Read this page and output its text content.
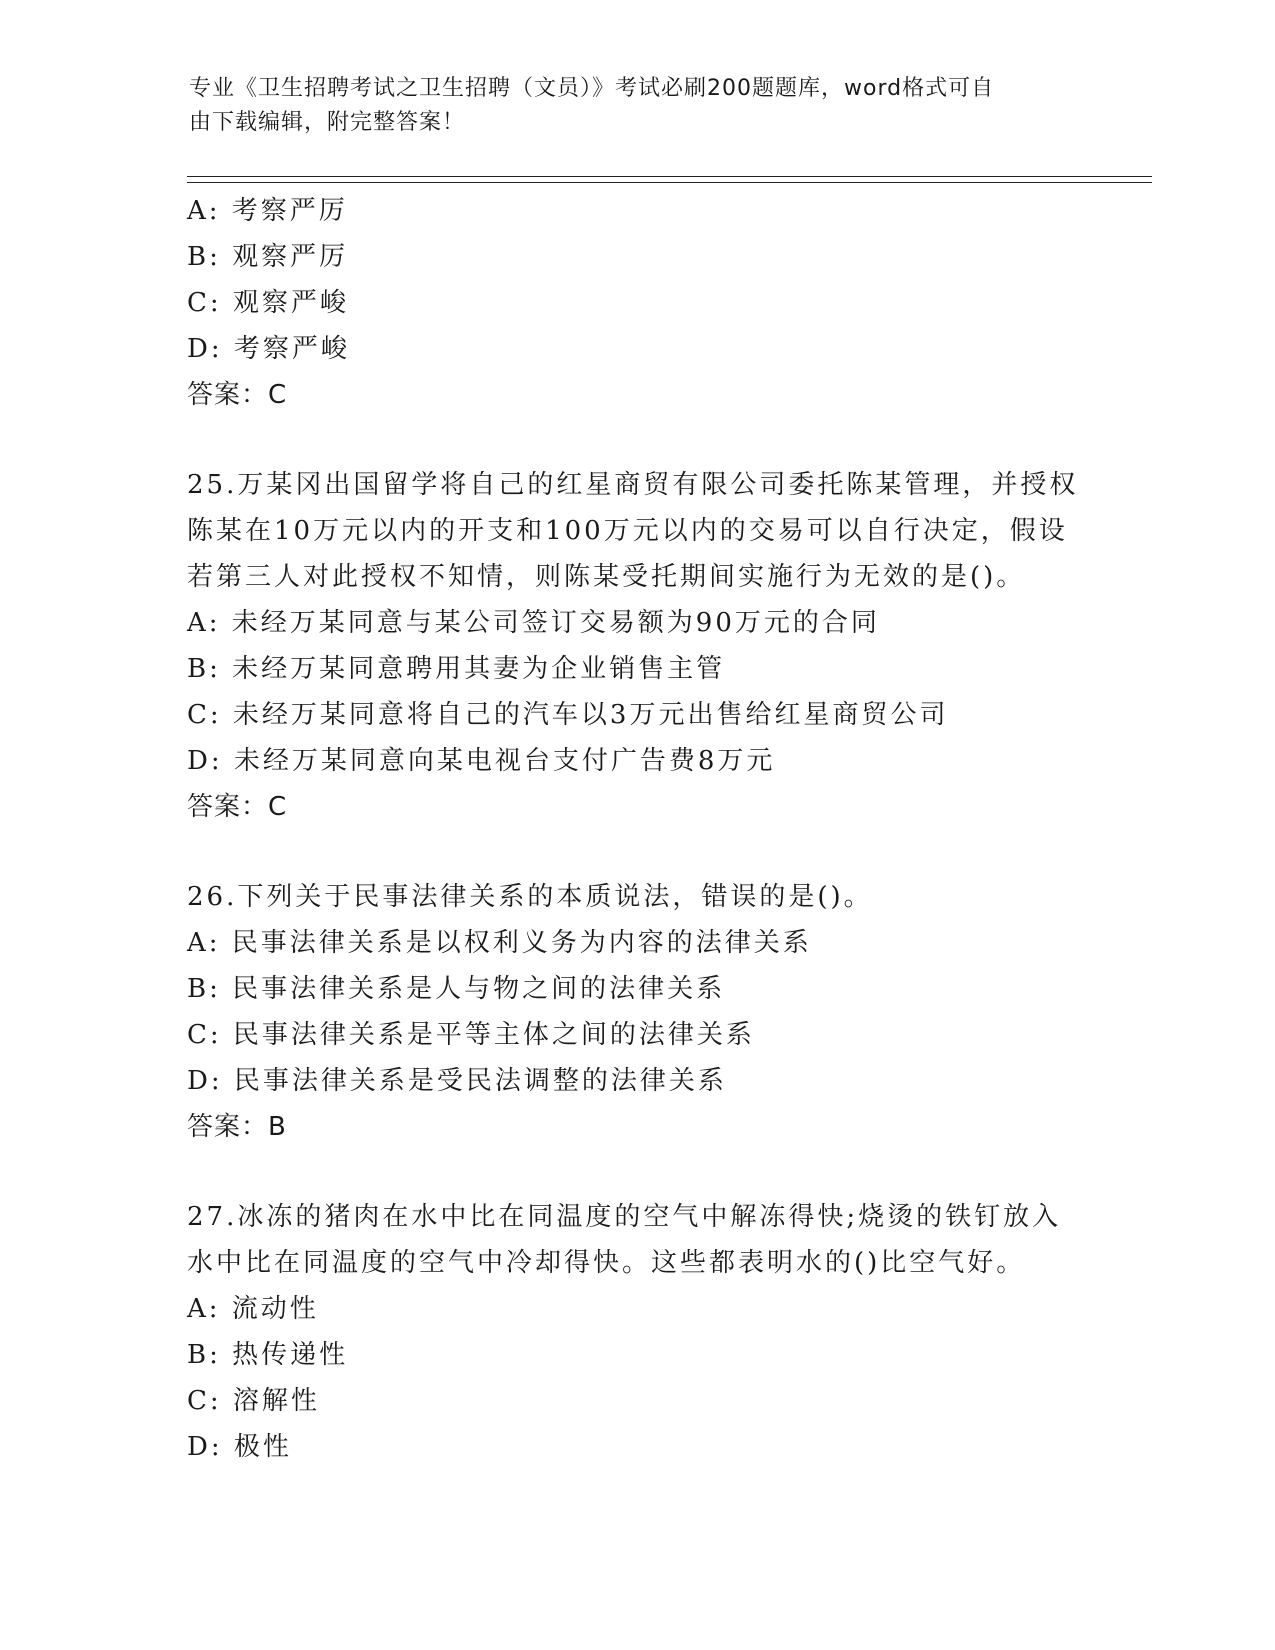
专业《卫生招聘考试之卫生招聘（文员）》考试必刷200题题库，word格式可自
由下载编辑，附完整答案！
A: 考察严厉
B: 观察严厉
C: 观察严峻
D: 考察严峻
答案：C
25.万某冈出国留学将自己的红星商贸有限公司委托陈某管理，并授权
陈某在10万元以内的开支和100万元以内的交易可以自行决定，假设
若第三人对此授权不知情，则陈某受托期间实施行为无效的是()。
A: 未经万某同意与某公司签订交易额为90万元的合同
B: 未经万某同意聘用其妻为企业销售主管
C: 未经万某同意将自己的汽车以3万元出售给红星商贸公司
D: 未经万某同意向某电视台支付广告费8万元
答案：C
26.下列关于民事法律关系的本质说法，错误的是()。
A: 民事法律关系是以权利义务为内容的法律关系
B: 民事法律关系是人与物之间的法律关系
C: 民事法律关系是平等主体之间的法律关系
D: 民事法律关系是受民法调整的法律关系
答案：B
27.冰冻的猪肉在水中比在同温度的空气中解冻得快;烧烫的铁钉放入
水中比在同温度的空气中冷却得快。这些都表明水的()比空气好。
A: 流动性
B: 热传递性
C: 溶解性
D: 极性
